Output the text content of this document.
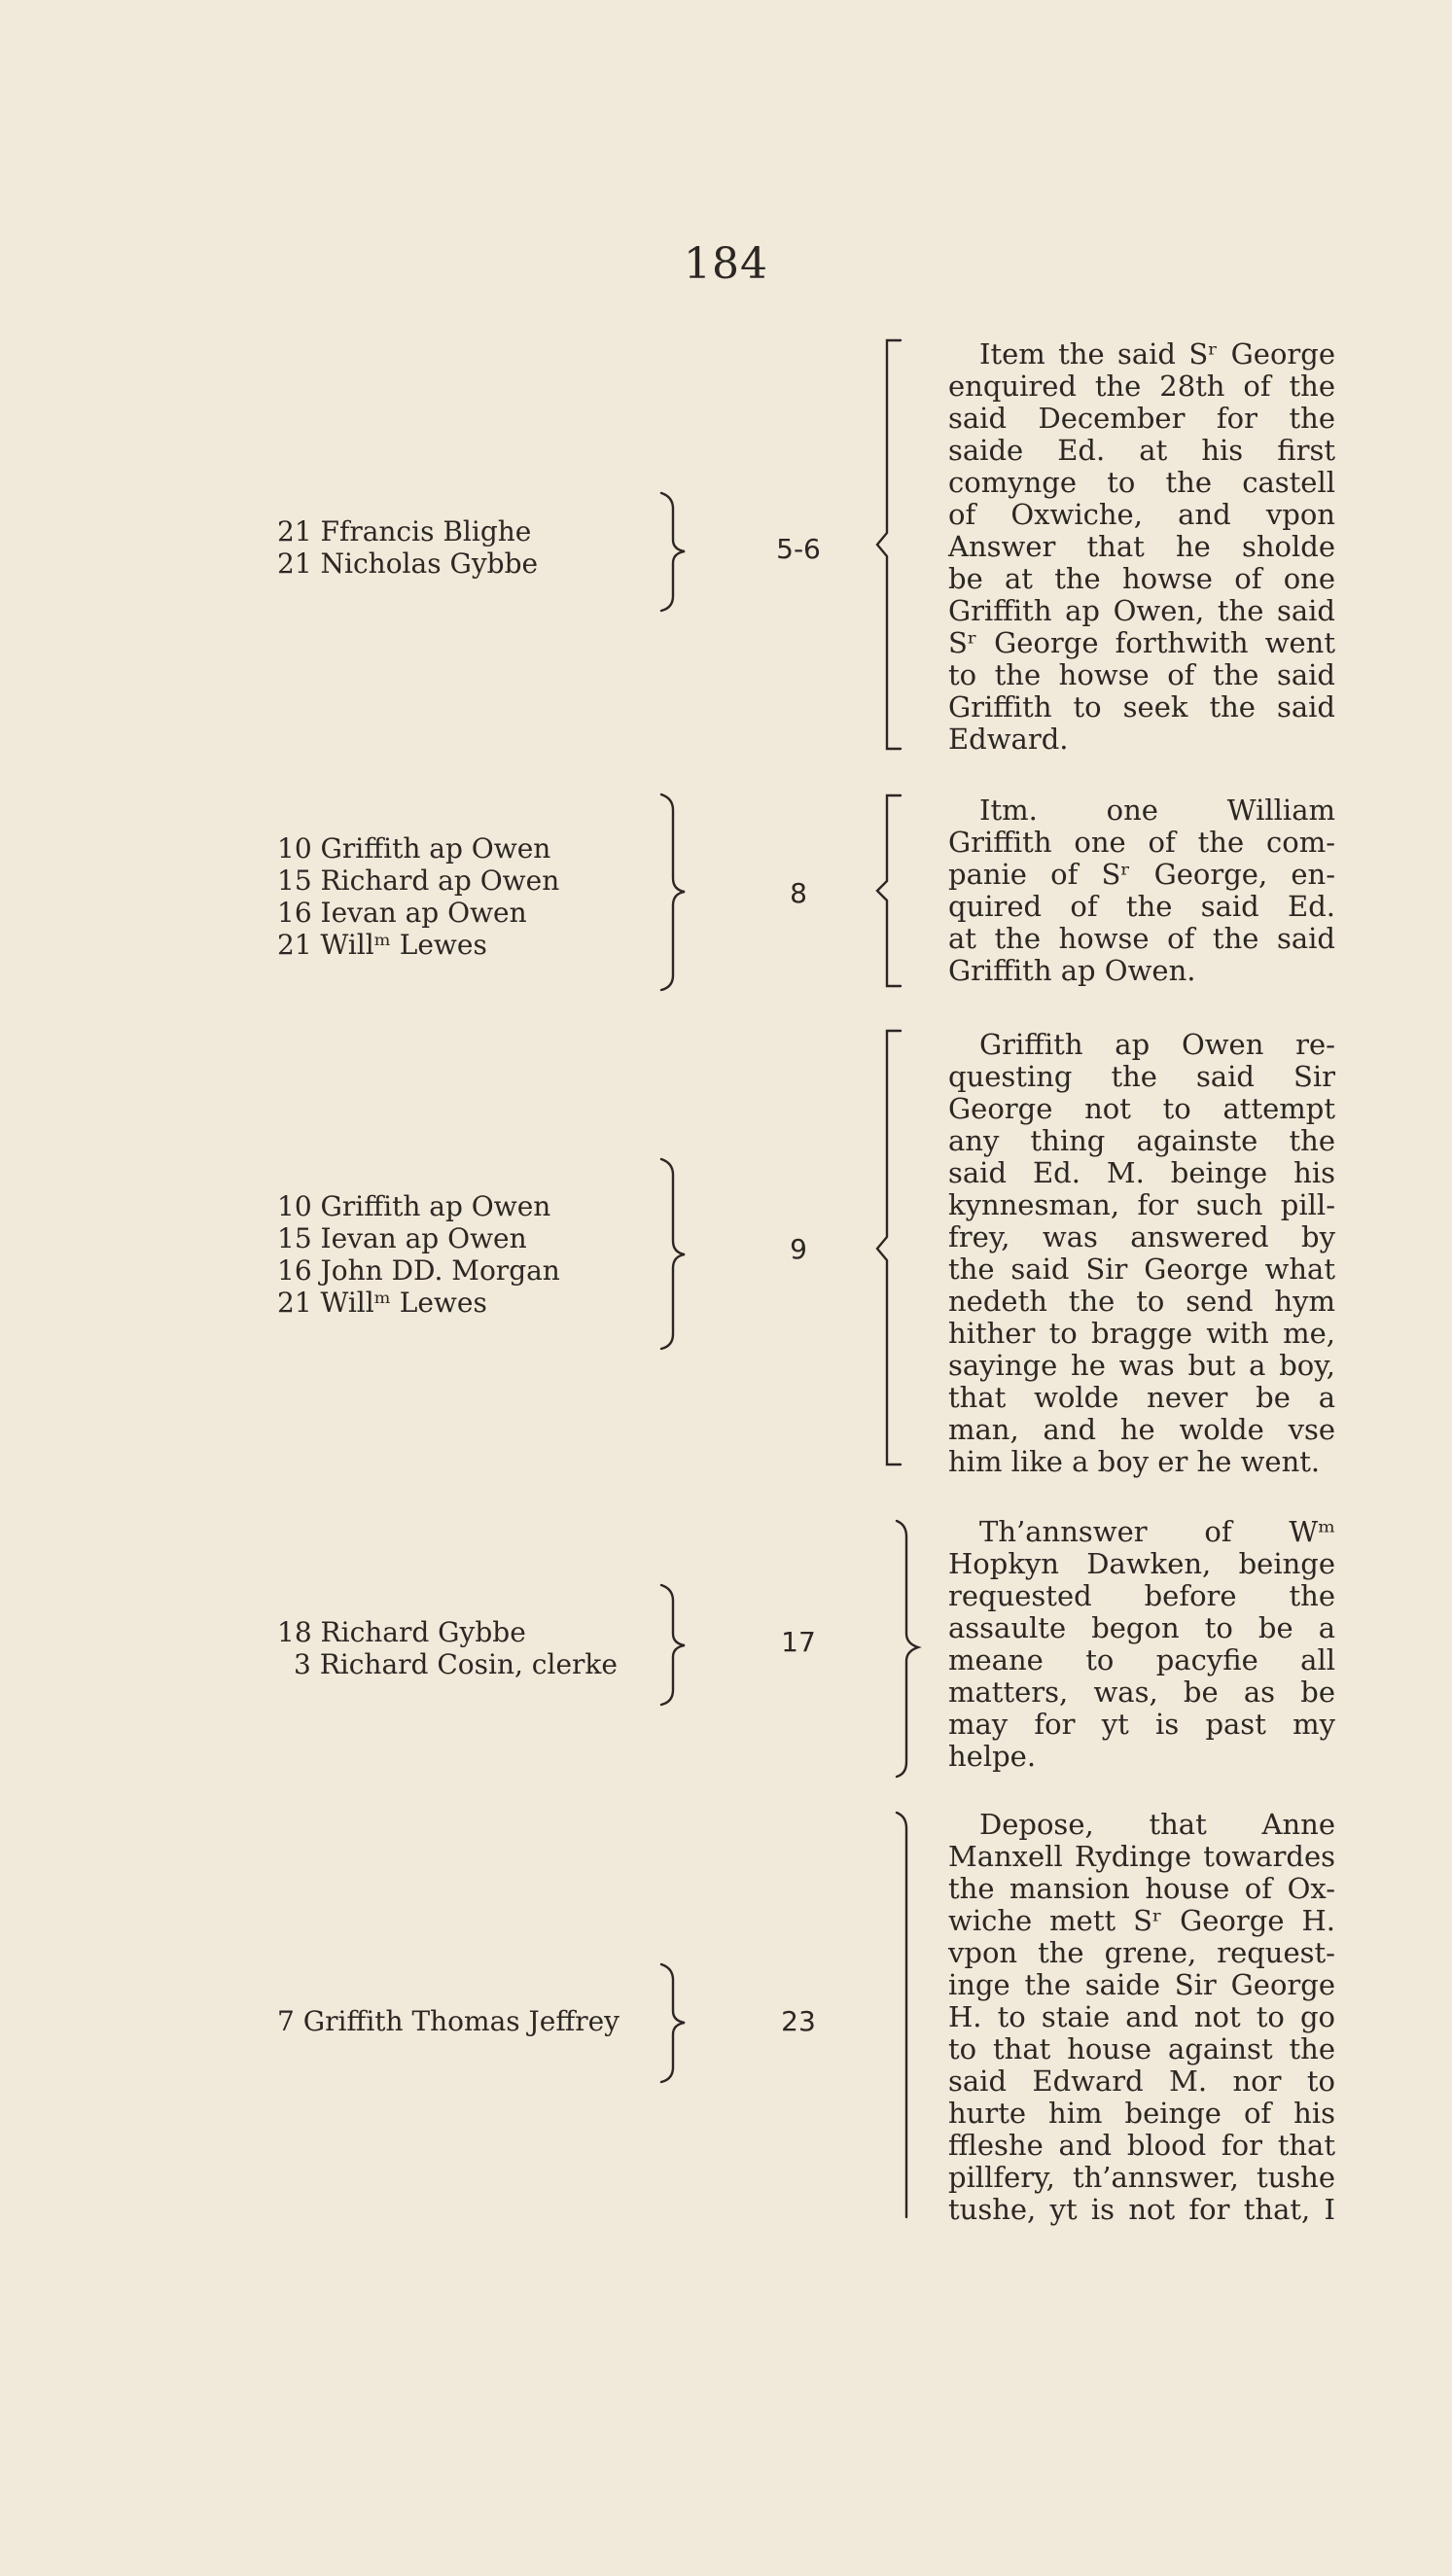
184
21 Ffrancis Blighe
21 Nicholas Gybbe	5-6
Item the said Sʳ George
enquired the 28th of the
said December for the
saide Ed. at his first
comynge to the castell
of Oxwiche, and vpon
Answer that he sholde
be at the howse of one
Griffith ap Owen, the said
Sʳ George forthwith went
to the howse of the said
Griffith to seek the said
Edward.
10 Griffith ap Owen
15 Richard ap Owen
16 Ievan ap Owen
21 Willᵐ Lewes
8
Itm. one William
Griffith one of the com-
panie of Sʳ George, en-
quired of the said Ed.
at the howse of the said
Griffith ap Owen.
10 Griffith ap Owen
15 Ievan ap Owen
16 John DD. Morgan
21 Willᵐ Lewes
9
Griffith ap Owen re-
questing the said Sir
George not to attempt
any thing againste the
said Ed. M. beinge his
kynnesman, for such pill-
frey, was answered by
the said Sir George what
nedeth the to send hym
hither to bragge with me,
sayinge he was but a boy,
that wolde never be a
man, and he wolde vse
him like a boy er he went.
18 Richard Gybbe
3 Richard Cosin, clerke
17
Th’annswer of Wᵐ
Hopkyn Dawken, beinge
requested before the
assaulte begon to be a
meane to pacyfie all
matters, was, be as be
may for yt is past my
helpe.
7 Griffith Thomas Jeffrey	23
Depose, that Anne
Manxell Rydinge towardes
the mansion house of Ox-
wiche mett Sʳ George H.
vpon the grene, request-
inge the saide Sir George
H. to staie and not to go
to that house against the
said Edward M. nor to
hurte him beinge of his
ffleshe and blood for that
pillfery, th’annswer, tushe
tushe, yt is not for that, I
